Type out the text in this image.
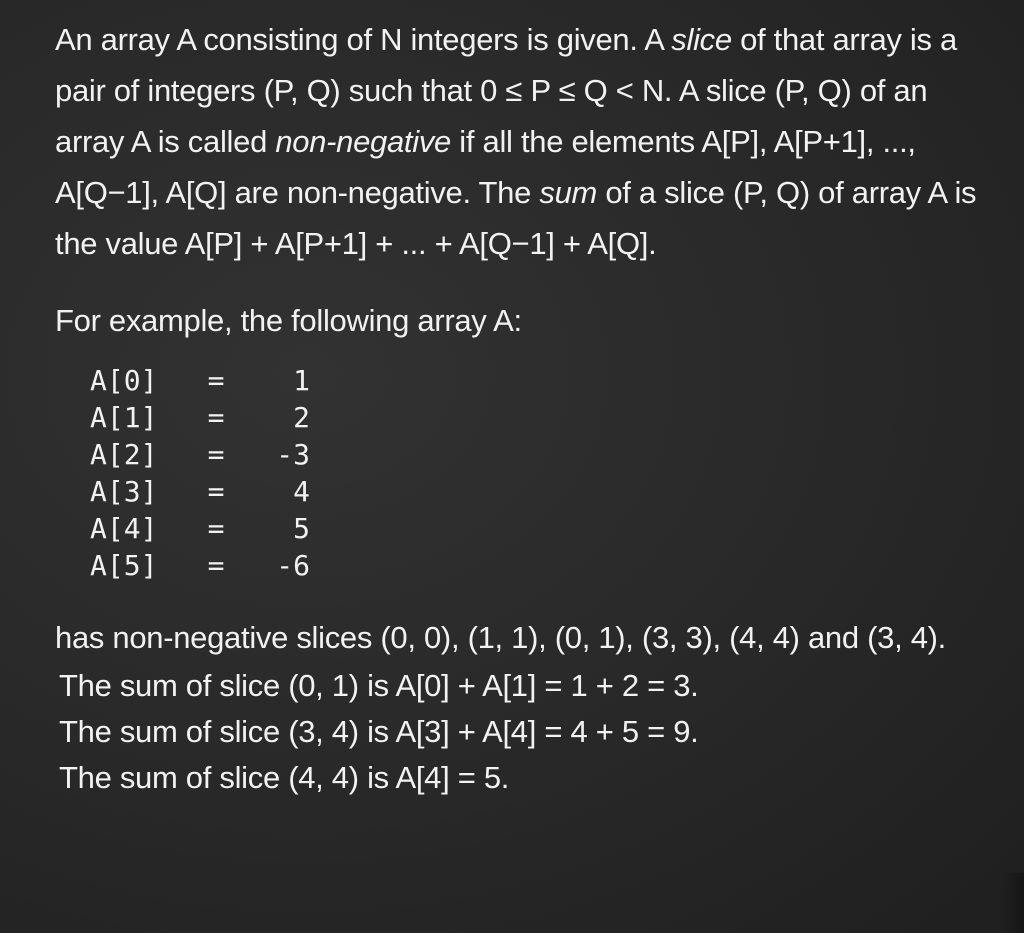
An array A consisting of N integers is given. A slice of that array is a pair of integers (P, Q) such that 0 ≤ P ≤ Q < N. A slice (P, Q) of an array A is called non-negative if all the elements A[P], A[P+1], ..., A[Q−1], A[Q] are non-negative. The sum of a slice (P, Q) of array A is the value A[P] + A[P+1] + ... + A[Q−1] + A[Q].

For example, the following array A:

A[0]	=	1
A[1]	=	2
A[2]	=	-3
A[3]	=	4
A[4]	=	5
A[5]	=	-6

has non-negative slices (0, 0), (1, 1), (0, 1), (3, 3), (4, 4) and (3, 4).

The sum of slice (0, 1) is A[0] + A[1] = 1 + 2 = 3.

The sum of slice (3, 4) is A[3] + A[4] = 4 + 5 = 9.

The sum of slice (4, 4) is A[4] = 5.
